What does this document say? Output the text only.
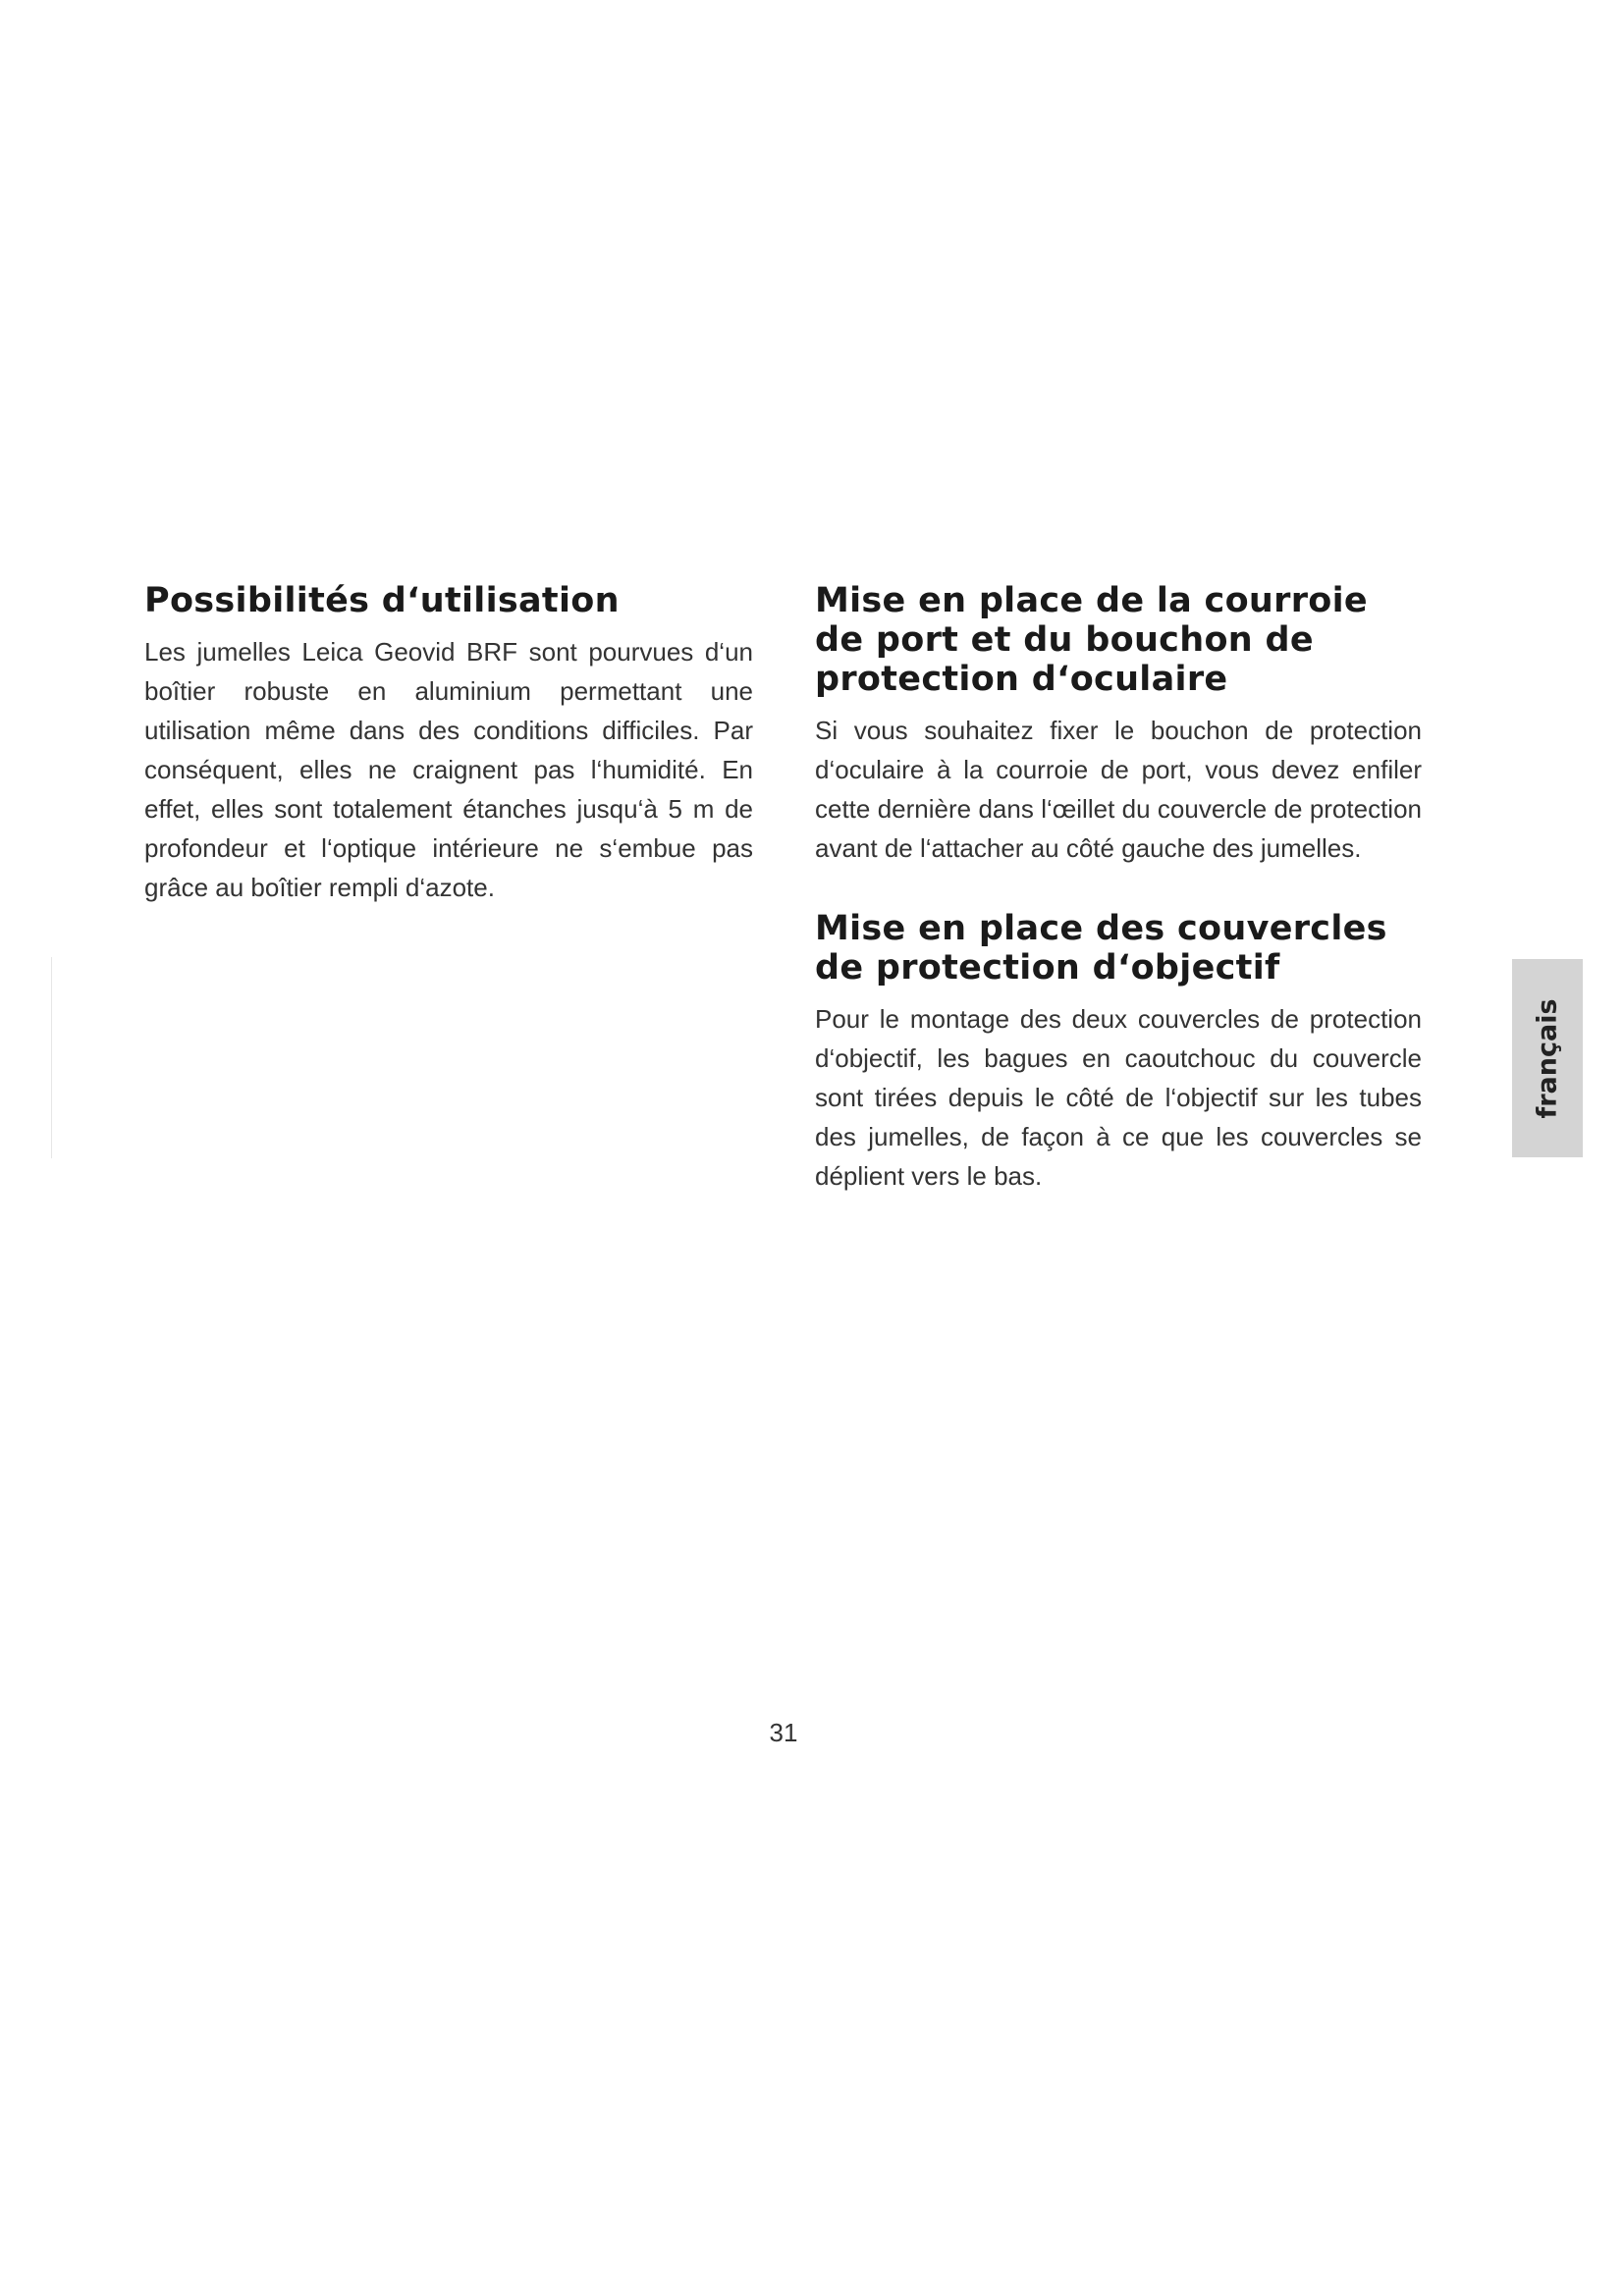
Possibilités d‘utilisation

Les jumelles Leica Geovid BRF sont pourvues d‘un boîtier robuste en aluminium permettant une utilisation même dans des conditions difficiles. Par conséquent, elles ne craignent pas l‘humidité. En effet, elles sont totalement étanches jusqu‘à 5 m de profondeur et l‘optique intérieure ne s‘embue pas grâce au boîtier rempli d‘azote.

Mise en place de la courroie de port et du bouchon de protection d‘oculaire

Si vous souhaitez fixer le bouchon de protection d‘oculaire à la courroie de port, vous devez enfiler cette dernière dans l‘œillet du couvercle de protection avant de l‘attacher au côté gauche des jumelles.

Mise en place des couvercles de protection d‘objectif

Pour le montage des deux couvercles de protection d‘objectif, les bagues en caoutchouc du couvercle sont tirées depuis le côté de l‘objectif sur les tubes des jumelles, de façon à ce que les couvercles se déplient vers le bas.

français
31
